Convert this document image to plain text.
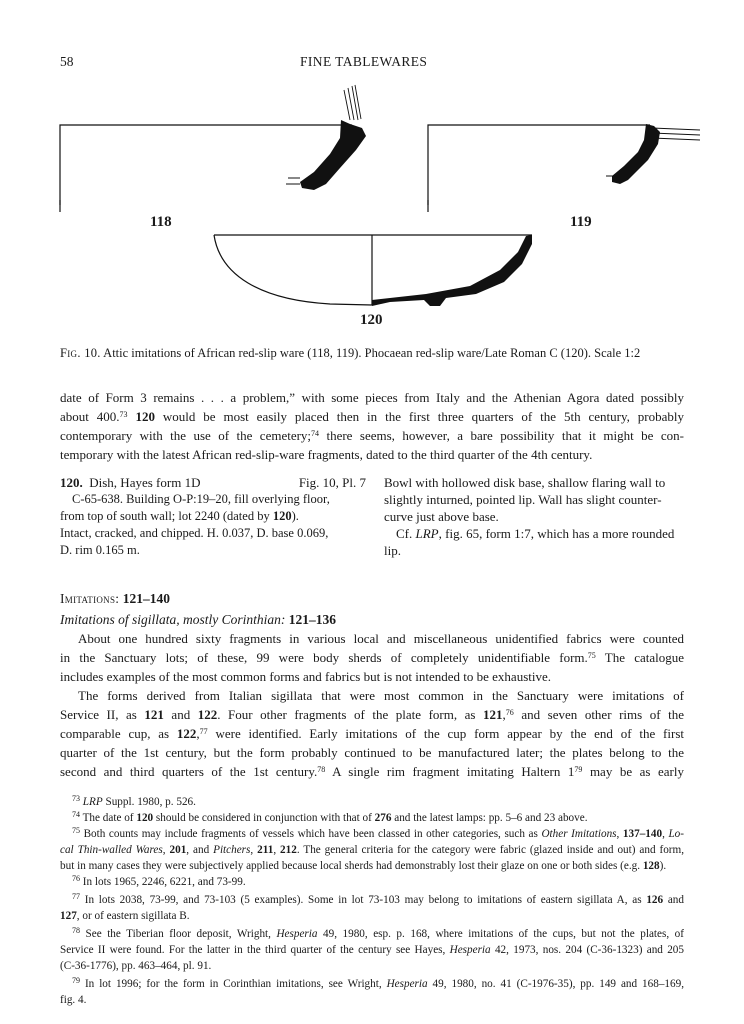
58	FINE TABLEWARES
118	119
120
Fig. 10. Attic imitations of African red-slip ware (118, 119). Phocaean red-slip ware/Late Roman C (120). Scale 1:2
date of Form 3 remains . . . a problem,” with some pieces from Italy and the Athenian Agora dated possibly
about 400.73 120 would be most easily placed then in the first three quarters of the 5th century, probably
contemporary with the use of the cemetery;$^{74}$ there seems, however, a bare possibility that it might be con-
temporary with the latest African red-slip-ware fragments, dated to the third quarter of the 4th century.
120. Dish, Hayes form 1D	Fig. 10, Pl. 7
C-65-638. Building O-P:19–20, fill overlying floor,
from top of south wall; lot 2240 (dated by 120).
Intact, cracked, and chipped. H. 0.037, D. base 0.069,
D. rim 0.165 m.
Bowl with hollowed disk base, shallow flaring wall to
slightly inturned, pointed lip. Wall has slight counter-
curve just above base.
Cf. LRP, fig. 65, form 1:7, which has a more rounded
lip.
Imitations: 121–140
Imitations of sigillata, mostly Corinthian: 121–136
About one hundred sixty fragments in various local and miscellaneous unidentified fabrics were counted
in the Sanctuary lots; of these, 99 were body sherds of completely unidentifiable form.$^{75}$ The catalogue
includes examples of the most common forms and fabrics but is not intended to be exhaustive.
The forms derived from Italian sigillata that were most common in the Sanctuary were imitations of
Service II, as 121 and 122. Four other fragments of the plate form, as 121,76 and seven other rims of the
comparable cup, as 122,77 were identified. Early imitations of the cup form appear by the end of the first
quarter of the 1st century, but the form probably continued to be manufactured later; the plates belong to the
second and third quarters of the 1st century.$^{78}$ A single rim fragment imitating Haltern $1^{79}$ may be as early
$^{73}$ LRP Suppl. 1980, p. 526.
$^{74}$ The date of 120 should be considered in conjunction with that of 276 and the latest lamps: pp. 5–6 and 23 above.
$^{75}$ Both counts may include fragments of vessels which have been classed in other categories, such as Other Imitations, 137–140, Lo-
cal Thin-walled Wares, 201, and Pitchers, 211, 212. The general criteria for the category were fabric (glazed inside and out) and form,
but in many cases they were subjectively applied because local sherds had demonstrably lost their glaze on one or both sides (e.g. 128).
$^{76}$ In lots 1965, 2246, 6221, and 73-99.
$^{77}$ In lots 2038, 73-99, and 73-103 (5 examples). Some in lot 73-103 may belong to imitations of eastern sigillata A, as 126 and
127, or of eastern sigillata B.
$^{78}$ See the Tiberian floor deposit, Wright, Hesperia 49, 1980, esp. p. 168, where imitations of the cups, but not the plates, of
Service II were found. For the latter in the third quarter of the century see Hayes, Hesperia 42, 1973, nos. 204 (C-36-1323) and 205
(C-36-1776), pp. 463–464, pl. 91.
$^{79}$ In lot 1996; for the form in Corinthian imitations, see Wright, Hesperia 49, 1980, no. 41 (C-1976-35), pp. 149 and 168–169,
fig. 4.
